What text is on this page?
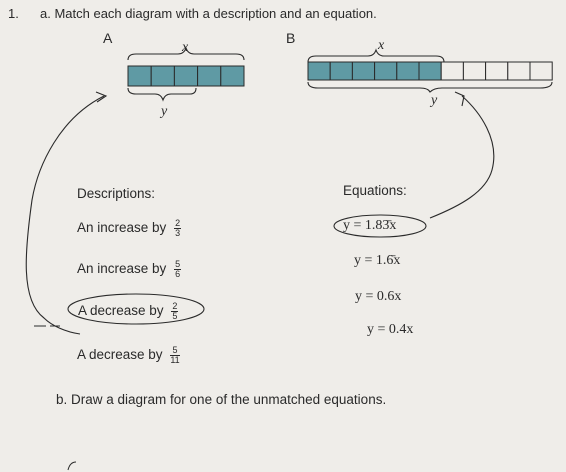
1. a. Match each diagram with a description and an equation.
A
x
y
B	x
y
Descriptions:	Equations:
An increase by $\frac{2}{3}$
An increase by $\frac{5}{6}$
A decrease by $\frac{2}{5}$
A decrease by $\frac{5}{11}$
y = 1.83̄x
y = 1.6̄x
y = 0.6x
y = 0.4x
b. Draw a diagram for one of the unmatched equations.
